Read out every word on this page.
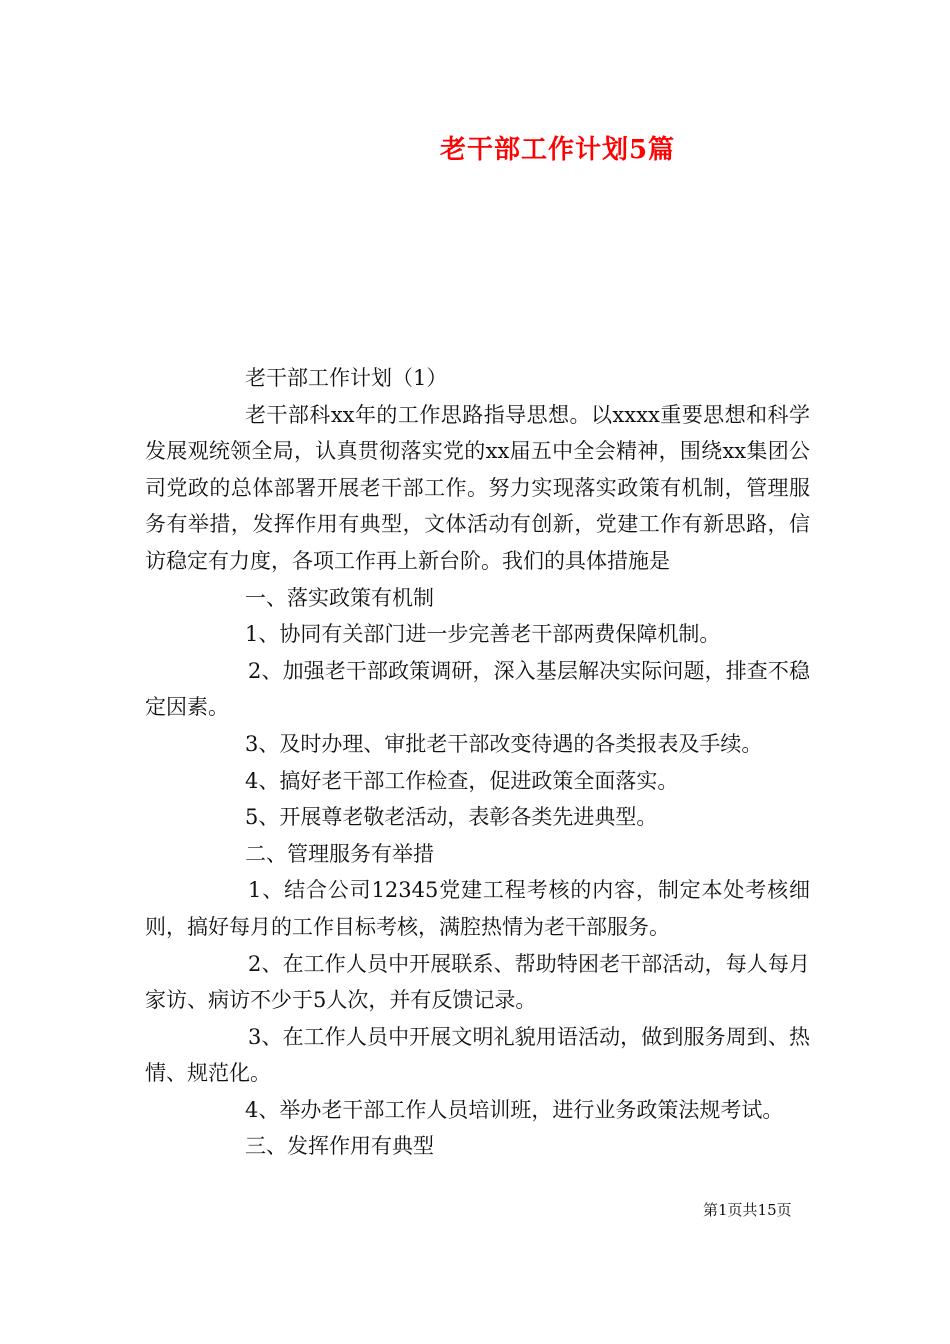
老干部工作计划5篇

老干部工作计划（1）

老干部科xx年的工作思路指导思想。以xxxx重要思想和科学发展观统领全局，认真贯彻落实党的xx届五中全会精神，围绕xx集团公司党政的总体部署开展老干部工作。努力实现落实政策有机制，管理服务有举措，发挥作用有典型，文体活动有创新，党建工作有新思路，信访稳定有力度，各项工作再上新台阶。我们的具体措施是

一、落实政策有机制

1、协同有关部门进一步完善老干部两费保障机制。

2、加强老干部政策调研，深入基层解决实际问题，排查不稳定因素。

3、及时办理、审批老干部改变待遇的各类报表及手续。

4、搞好老干部工作检查，促进政策全面落实。

5、开展尊老敬老活动，表彰各类先进典型。

二、管理服务有举措

1、结合公司12345党建工程考核的内容，制定本处考核细则，搞好每月的工作目标考核，满腔热情为老干部服务。

2、在工作人员中开展联系、帮助特困老干部活动，每人每月家访、病访不少于5人次，并有反馈记录。

3、在工作人员中开展文明礼貌用语活动，做到服务周到、热情、规范化。

4、举办老干部工作人员培训班，进行业务政策法规考试。

三、发挥作用有典型

第1页共15页
